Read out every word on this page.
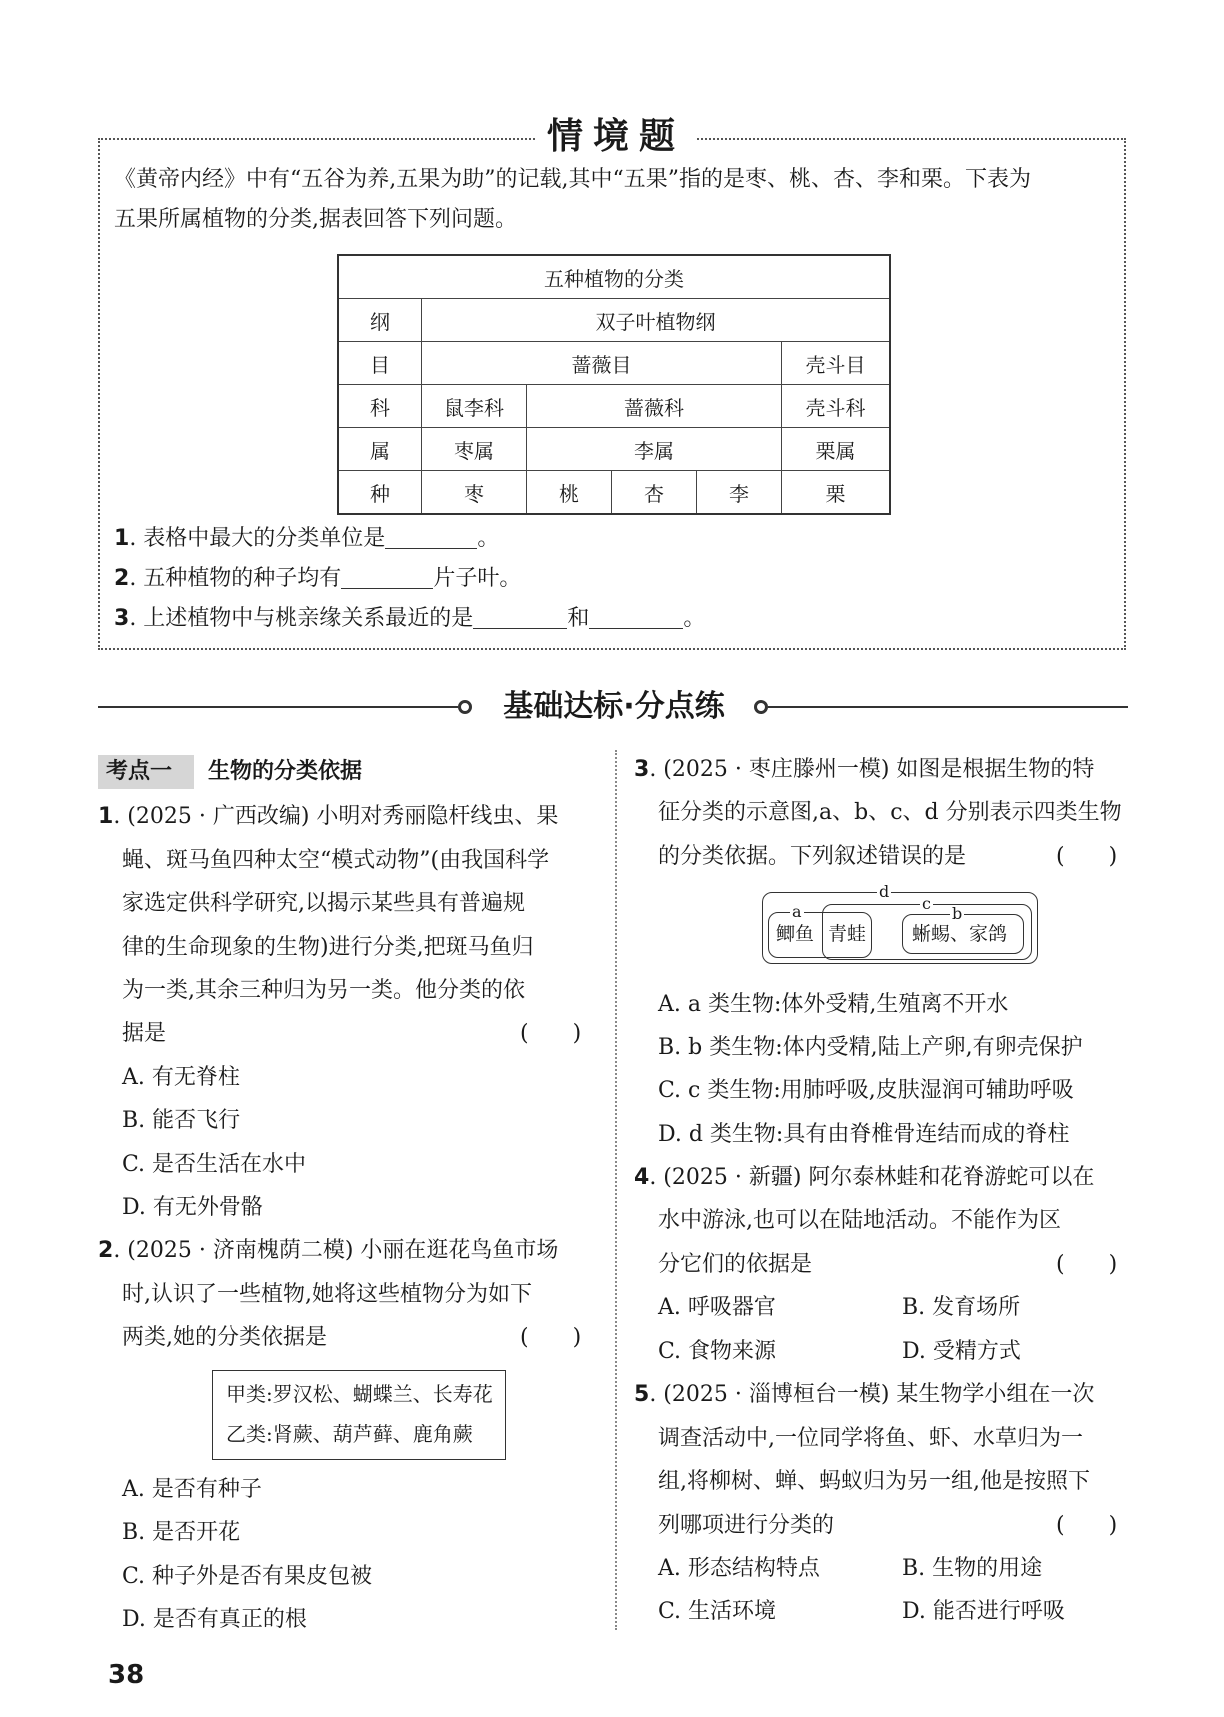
情境题
《黄帝内经》中有“五谷为养,五果为助”的记载,其中“五果”指的是枣、桃、杏、李和栗。下表为
五果所属植物的分类,据表回答下列问题。
五种植物的分类					
纲	双子叶植物纲				
目	蔷薇目				壳斗目
科	鼠李科	蔷薇科			壳斗科
属	枣属	李属			栗属
种	枣	桃	杏	李	栗
1. 表格中最大的分类单位是	。
2. 五种植物的种子均有	片子叶。
3. 上述植物中与桃亲缘关系最近的是	和	。
基础达标·分点练
考点一 生物的分类依据
1. (2025 · 广西改编) 小明对秀丽隐杆线虫、果
蝇、斑马鱼四种太空“模式动物”(由我国科学
家选定供科学研究,以揭示某些具有普遍规
律的生命现象的生物)进行分类,把斑马鱼归
为一类,其余三种归为另一类。他分类的依
据是	(　　)
A. 有无脊柱
B. 能否飞行
C. 是否生活在水中
D. 有无外骨骼
2. (2025 · 济南槐荫二模) 小丽在逛花鸟鱼市场
时,认识了一些植物,她将这些植物分为如下
两类,她的分类依据是	(　　)
甲类:罗汉松、蝴蝶兰、长寿花
乙类:肾蕨、葫芦藓、鹿角蕨
A. 是否有种子
B. 是否开花
C. 种子外是否有果皮包被
D. 是否有真正的根
3. (2025 · 枣庄滕州一模) 如图是根据生物的特
征分类的示意图,a、b、c、d 分别表示四类生物
的分类依据。下列叙述错误的是	(　　)
d
a	c
b
鲫鱼 青蛙 蜥蜴、家鸽
A. a 类生物:体外受精,生殖离不开水
B. b 类生物:体内受精,陆上产卵,有卵壳保护
C. c 类生物:用肺呼吸,皮肤湿润可辅助呼吸
D. d 类生物:具有由脊椎骨连结而成的脊柱
4. (2025 · 新疆) 阿尔泰林蛙和花脊游蛇可以在
水中游泳,也可以在陆地活动。不能作为区
分它们的依据是	(　　)
A. 呼吸器官	B. 发育场所
C. 食物来源	D. 受精方式
5. (2025 · 淄博桓台一模) 某生物学小组在一次
调查活动中,一位同学将鱼、虾、水草归为一
组,将柳树、蝉、蚂蚁归为另一组,他是按照下
列哪项进行分类的	(　　)
A. 形态结构特点	B. 生物的用途
C. 生活环境	D. 能否进行呼吸
38
